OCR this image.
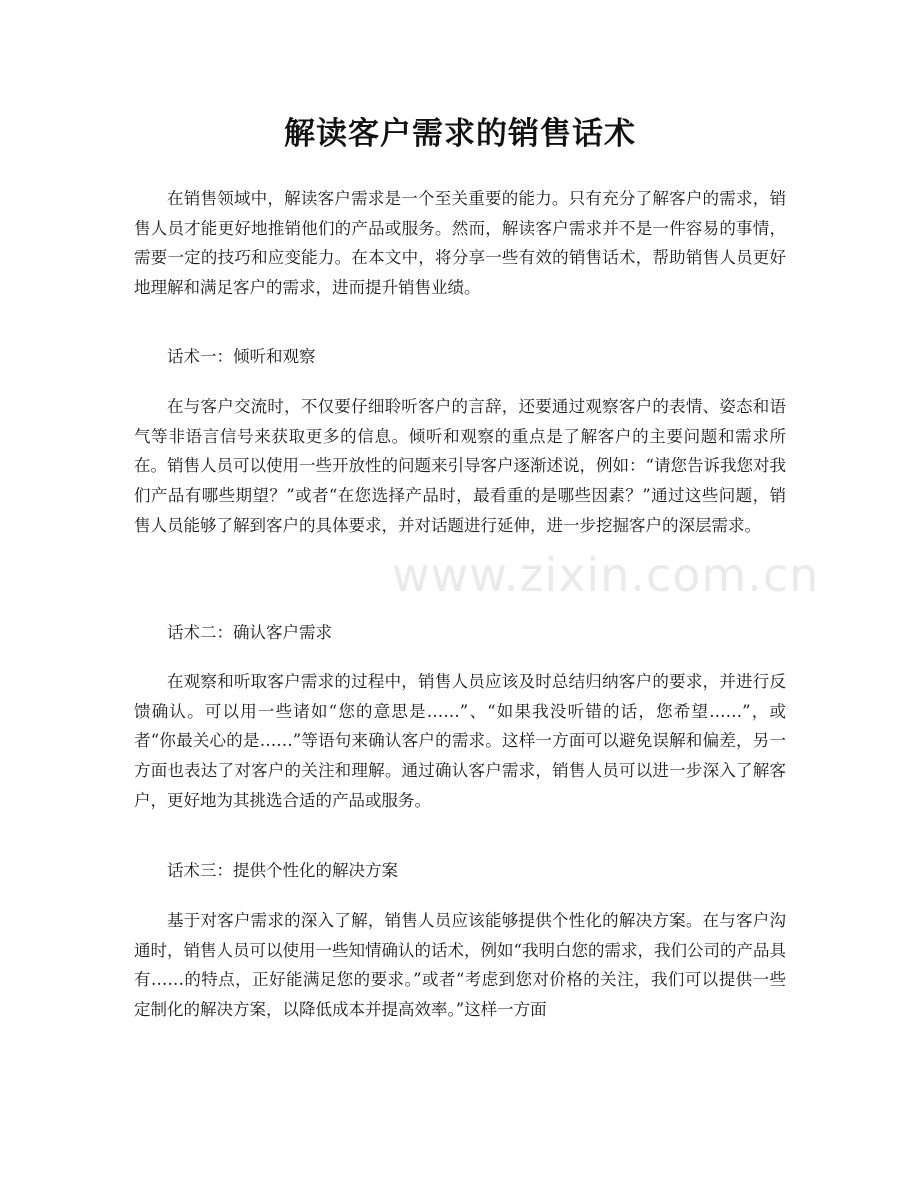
解读客户需求的销售话术

在销售领域中，解读客户需求是一个至关重要的能力。只有充分了解客户的需求，销售人员才能更好地推销他们的产品或服务。然而，解读客户需求并不是一件容易的事情，需要一定的技巧和应变能力。在本文中，将分享一些有效的销售话术，帮助销售人员更好地理解和满足客户的需求，进而提升销售业绩。

话术一：倾听和观察

在与客户交流时，不仅要仔细聆听客户的言辞，还要通过观察客户的表情、姿态和语气等非语言信号来获取更多的信息。倾听和观察的重点是了解客户的主要问题和需求所在。销售人员可以使用一些开放性的问题来引导客户逐渐述说，例如：“请您告诉我您对我们产品有哪些期望？”或者“在您选择产品时，最看重的是哪些因素？”通过这些问题，销售人员能够了解到客户的具体要求，并对话题进行延伸，进一步挖掘客户的深层需求。

话术二：确认客户需求

在观察和听取客户需求的过程中，销售人员应该及时总结归纳客户的要求，并进行反馈确认。可以用一些诸如“您的意思是……”、“如果我没听错的话，您希望……”，或者“你最关心的是……”等语句来确认客户的需求。这样一方面可以避免误解和偏差，另一方面也表达了对客户的关注和理解。通过确认客户需求，销售人员可以进一步深入了解客户，更好地为其挑选合适的产品或服务。

话术三：提供个性化的解决方案

基于对客户需求的深入了解，销售人员应该能够提供个性化的解决方案。在与客户沟通时，销售人员可以使用一些知情确认的话术，例如“我明白您的需求，我们公司的产品具有……的特点，正好能满足您的要求。”或者“考虑到您对价格的关注，我们可以提供一些定制化的解决方案，以降低成本并提高效率。”这样一方面

www.zixin.com.cn
